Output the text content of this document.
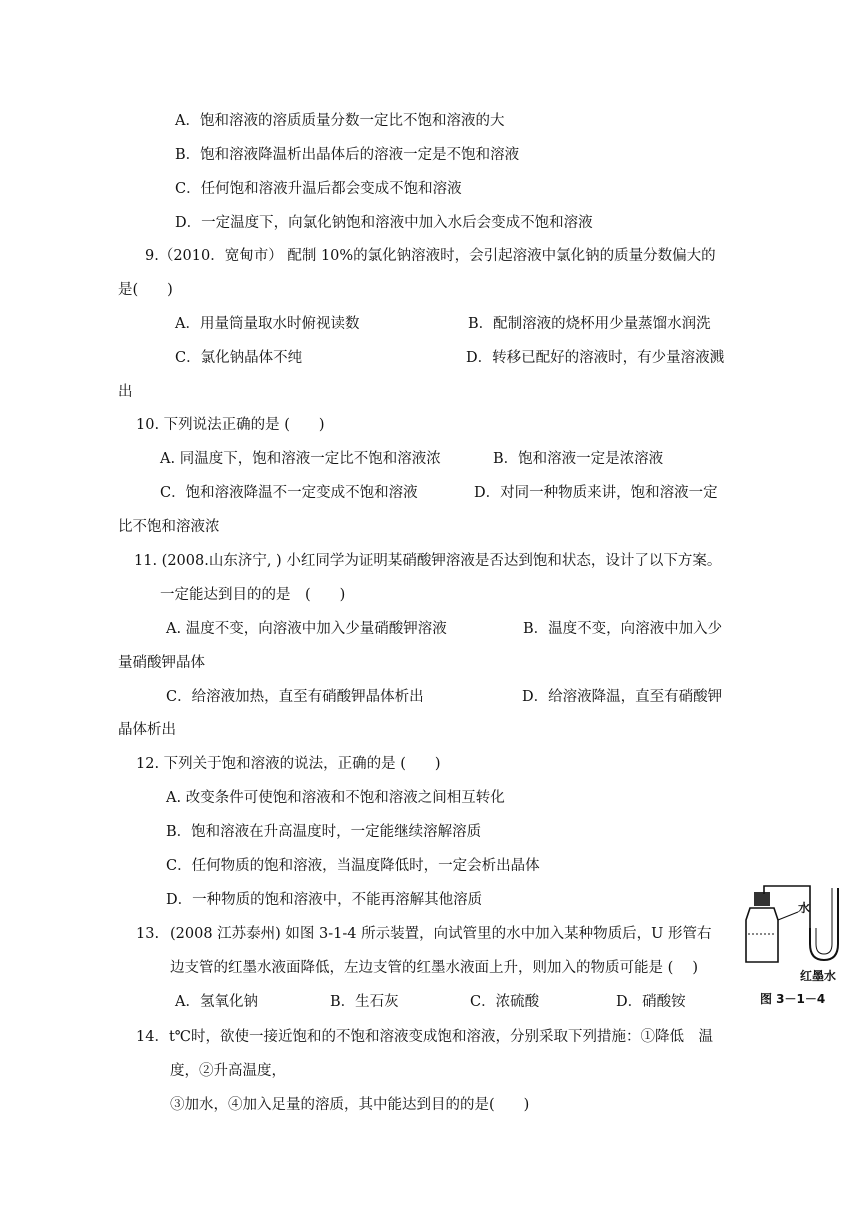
A．饱和溶液的溶质质量分数一定比不饱和溶液的大
B．饱和溶液降温析出晶体后的溶液一定是不饱和溶液
C．任何饱和溶液升温后都会变成不饱和溶液
D．一定温度下，向氯化钠饱和溶液中加入水后会变成不饱和溶液
9.（2010．宽甸市） 配制 10%的氯化钠溶液时，会引起溶液中氯化钠的质量分数偏大的
是(　　)
A．用量筒量取水时俯视读数	B．配制溶液的烧杯用少量蒸馏水润洗
C．氯化钠晶体不纯	D．转移已配好的溶液时，有少量溶液溅
出
10. 下列说法正确的是 (　　)
A. 同温度下，饱和溶液一定比不饱和溶液浓	B．饱和溶液一定是浓溶液
C．饱和溶液降温不一定变成不饱和溶液	D．对同一种物质来讲，饱和溶液一定
比不饱和溶液浓
11. (2008.山东济宁, ) 小红同学为证明某硝酸钾溶液是否达到饱和状态，设计了以下方案。
一定能达到目的的是　(　　)
A. 温度不变，向溶液中加入少量硝酸钾溶液	B．温度不变，向溶液中加入少
量硝酸钾晶体
C．给溶液加热，直至有硝酸钾晶体析出	D．给溶液降温，直至有硝酸钾
晶体析出
12. 下列关于饱和溶液的说法，正确的是 (　　)
A. 改变条件可使饱和溶液和不饱和溶液之间相互转化
B．饱和溶液在升高温度时，一定能继续溶解溶质
C．任何物质的饱和溶液，当温度降低时，一定会析出晶体
D．一种物质的饱和溶液中，不能再溶解其他溶质
13. (2008 江苏泰州) 如图 3-1-4 所示装置，向试管里的水中加入某种物质后，U 形管右
边支管的红墨水液面降低，左边支管的红墨水液面上升，则加入的物质可能是 (　 )
A．氢氧化钠	B．生石灰	C．浓硫酸	D．硝酸铵
水
红墨水
图 3－1－4
14．t℃时，欲使一接近饱和的不饱和溶液变成饱和溶液，分别采取下列措施：①降低　温
度，②升高温度，
③加水，④加入足量的溶质，其中能达到目的的是(　　)
